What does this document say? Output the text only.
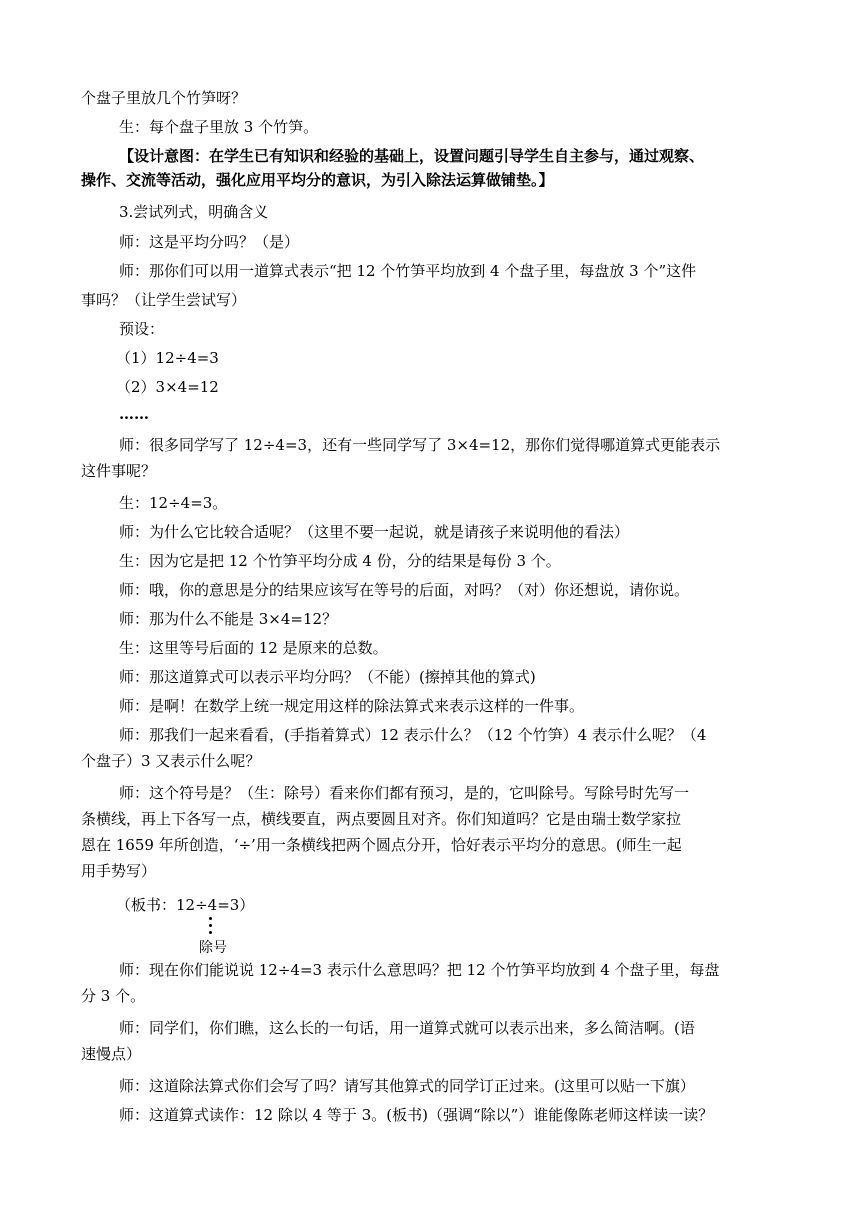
个盘子里放几个竹笋呀？
生：每个盘子里放 3 个竹笋。
【设计意图：在学生已有知识和经验的基础上，设置问题引导学生自主参与，通过观察、
操作、交流等活动，强化应用平均分的意识，为引入除法运算做铺垫。】
3.尝试列式，明确含义
师：这是平均分吗？（是）
师：那你们可以用一道算式表示“把 12 个竹笋平均放到 4 个盘子里，每盘放 3 个”这件
事吗？（让学生尝试写）
预设：
（1）12÷4=3
（2）3×4=12
……
师：很多同学写了 12÷4=3，还有一些同学写了 3×4=12，那你们觉得哪道算式更能表示
这件事呢？
生：12÷4=3。
师：为什么它比较合适呢？（这里不要一起说，就是请孩子来说明他的看法）
生：因为它是把 12 个竹笋平均分成 4 份，分的结果是每份 3 个。
师：哦，你的意思是分的结果应该写在等号的后面，对吗？（对）你还想说，请你说。
师：那为什么不能是 3×4=12？
生：这里等号后面的 12 是原来的总数。
师：那这道算式可以表示平均分吗？（不能）(擦掉其他的算式)
师：是啊！在数学上统一规定用这样的除法算式来表示这样的一件事。
师：那我们一起来看看，(手指着算式）12 表示什么？（12 个竹笋）4 表示什么呢？（4
个盘子）3 又表示什么呢？
师：这个符号是？（生：除号）看来你们都有预习，是的，它叫除号。写除号时先写一
条横线，再上下各写一点，横线要直，两点要圆且对齐。你们知道吗？它是由瑞士数学家拉
恩在 1659 年所创造，‘÷’用一条横线把两个圆点分开，恰好表示平均分的意思。(师生一起
用手势写）
（板书：12÷4=3）
除号
师：现在你们能说说 12÷4=3 表示什么意思吗？把 12 个竹笋平均放到 4 个盘子里，每盘
分 3 个。
师：同学们，你们瞧，这么长的一句话，用一道算式就可以表示出来，多么简洁啊。(语
速慢点）
师：这道除法算式你们会写了吗？请写其他算式的同学订正过来。(这里可以贴一下旗）
师：这道算式读作：12 除以 4 等于 3。(板书)（强调“除以”）谁能像陈老师这样读一读？
